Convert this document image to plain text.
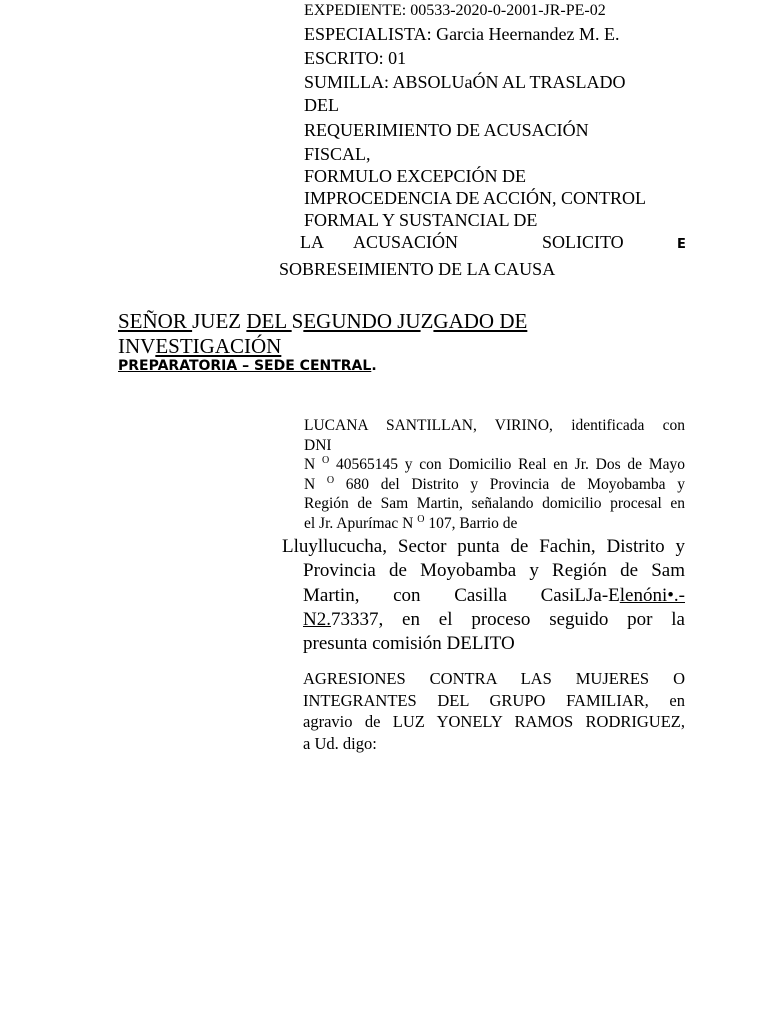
EXPEDIENTE: 00533-2020-0-2001-JR-PE-02
ESPECIALISTA: Garcia Heernandez M. E.
ESCRITO: 01
SUMILLA: ABSOLUaÓN AL TRASLADO
DEL
REQUERIMIENTO DE ACUSACIÓN
FISCAL,
FORMULO EXCEPCIÓN DE
IMPROCEDENCIA DE ACCIÓN, CONTROL
FORMAL Y SUSTANCIAL DE
LA ACUSACIÓN	SOLICITO	E
SOBRESEIMIENTO DE LA CAUSA
SEÑOR JUEZ DEL SEGUNDO JUZGADO DE
INVESTIGACIÓN
PREPARATORIA – SEDE CENTRAL.
LUCANA SANTILLAN, VIRINO, identificada con
DNI
N $^O$ 40565145 y con Domicilio Real en Jr. Dos de Mayo
N $^O$ 680 del Distrito y Provincia de Moyobamba y
Región de Sam Martin, señalando domicilio procesal en
el Jr. Apurímac N $^O$ 107, Barrio de
Lluyllucucha, Sector punta de Fachin, Distrito y
Provincia de Moyobamba y Región de Sam
Martin, con Casilla CasiLJa-Elenóni•.-
N2.73337, en el proceso seguido por la
presunta comisión DELITO
AGRESIONES CONTRA LAS MUJERES O
INTEGRANTES DEL GRUPO FAMILIAR, en
agravio de LUZ YONELY RAMOS RODRIGUEZ,
a Ud. digo:
